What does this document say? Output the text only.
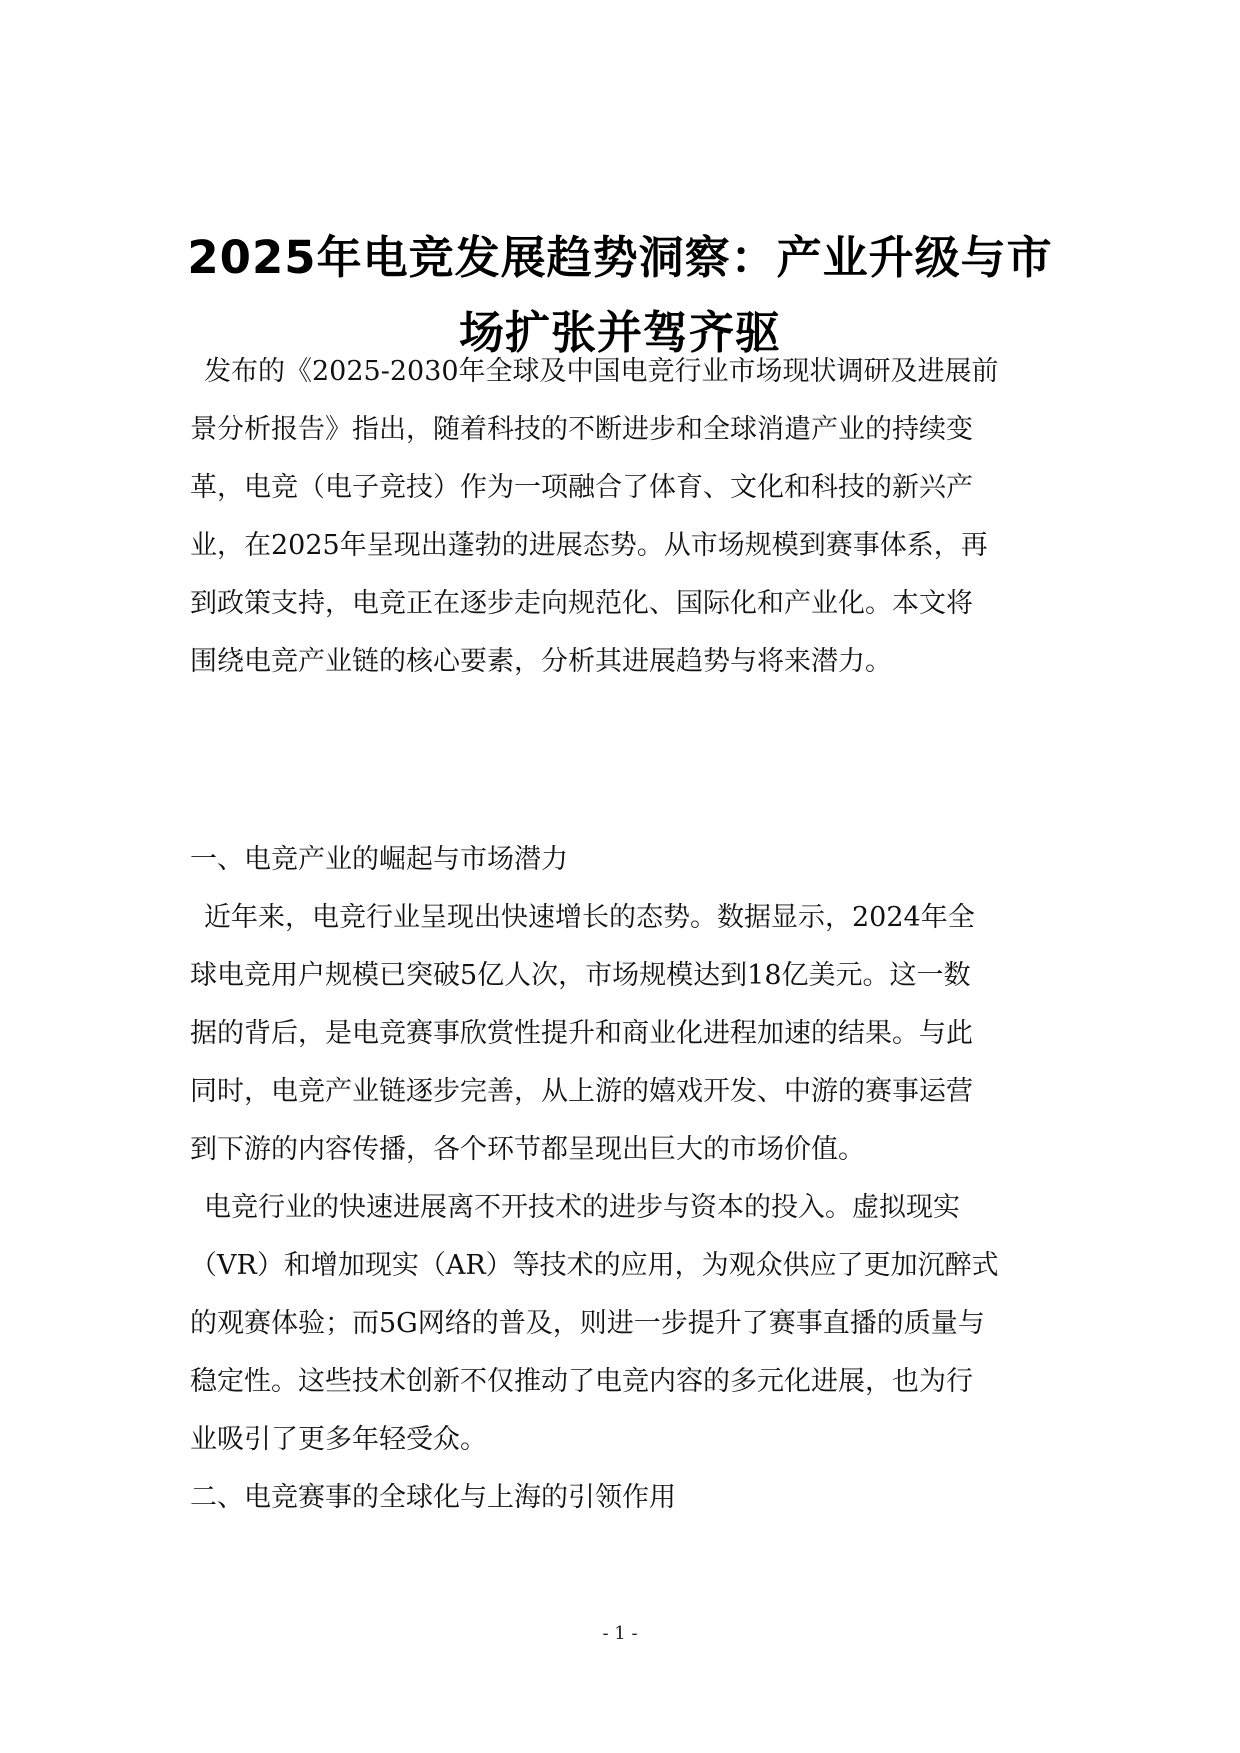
2025年电竞发展趋势洞察：产业升级与市
场扩张并驾齐驱

发布的《2025-2030年全球及中国电竞行业市场现状调研及进展前
景分析报告》指出，随着科技的不断进步和全球消遣产业的持续变
革，电竞（电子竞技）作为一项融合了体育、文化和科技的新兴产
业，在2025年呈现出蓬勃的进展态势。从市场规模到赛事体系，再
到政策支持，电竞正在逐步走向规范化、国际化和产业化。本文将
围绕电竞产业链的核心要素，分析其进展趋势与将来潜力。

一、电竞产业的崛起与市场潜力

近年来，电竞行业呈现出快速增长的态势。数据显示，2024年全
球电竞用户规模已突破5亿人次，市场规模达到18亿美元。这一数
据的背后，是电竞赛事欣赏性提升和商业化进程加速的结果。与此
同时，电竞产业链逐步完善，从上游的嬉戏开发、中游的赛事运营
到下游的内容传播，各个环节都呈现出巨大的市场价值。

电竞行业的快速进展离不开技术的进步与资本的投入。虚拟现实
（VR）和增加现实（AR）等技术的应用，为观众供应了更加沉醉式
的观赛体验；而5G网络的普及，则进一步提升了赛事直播的质量与
稳定性。这些技术创新不仅推动了电竞内容的多元化进展，也为行
业吸引了更多年轻受众。

二、电竞赛事的全球化与上海的引领作用
- 1 -
